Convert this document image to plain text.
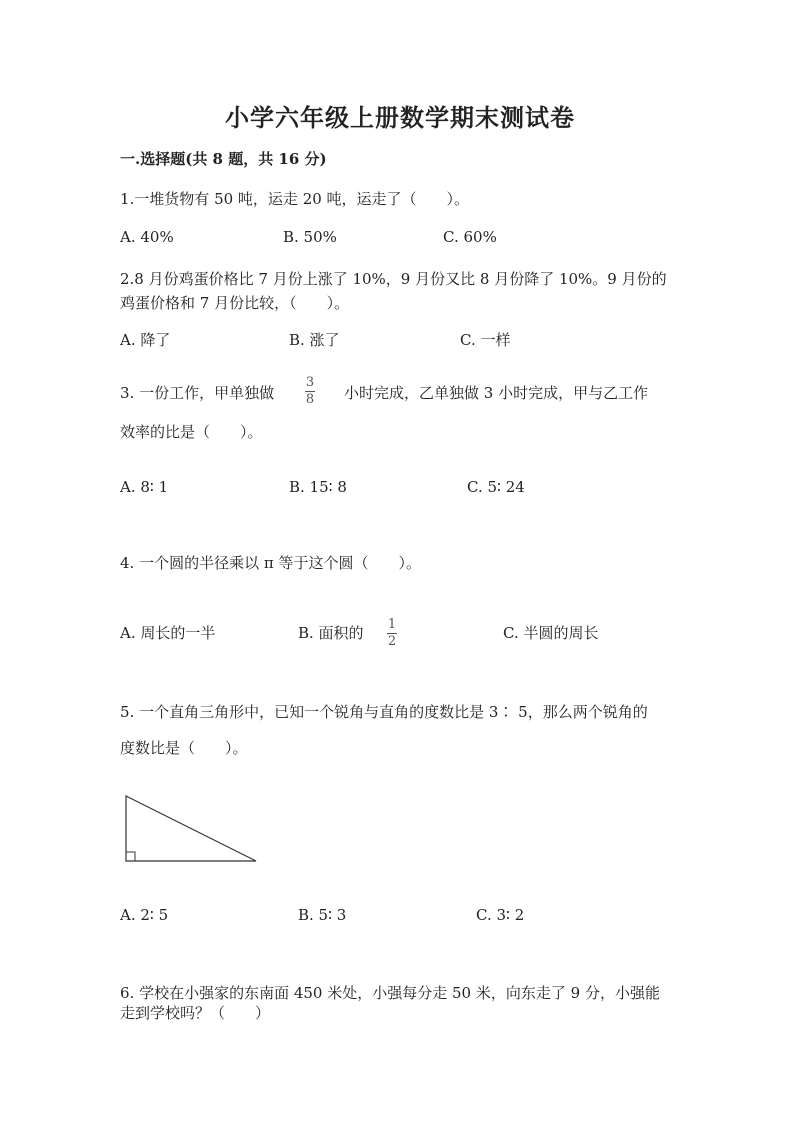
小学六年级上册数学期末测试卷
一.选择题(共 8 题，共 16 分)
1.一堆货物有 50 吨，运走 20 吨，运走了（　　）。
A. 40%	B. 50%	C. 60%
2.8 月份鸡蛋价格比 7 月份上涨了 10%，9 月份又比 8 月份降了 10%。9 月份的
鸡蛋价格和 7 月份比较，（　　）。
A. 降了	B. 涨了	C. 一样
3. 一份工作，甲单独做
3
8 小时完成，乙单独做 3 小时完成，甲与乙工作
效率的比是（　　）。
A. 8∶ 1	B. 15∶ 8	C. 5∶ 24
4. 一个圆的半径乘以 π 等于这个圆（　　）。
A. 周长的一半	B. 面积的 1
2	C. 半圆的周长
5. 一个直角三角形中，已知一个锐角与直角的度数比是 3∶ 5，那么两个锐角的
度数比是（　　）。
A. 2∶ 5	B. 5∶ 3	C. 3∶ 2
6. 学校在小强家的东南面 450 米处，小强每分走 50 米，向东走了 9 分，小强能
走到学校吗？（　　）
